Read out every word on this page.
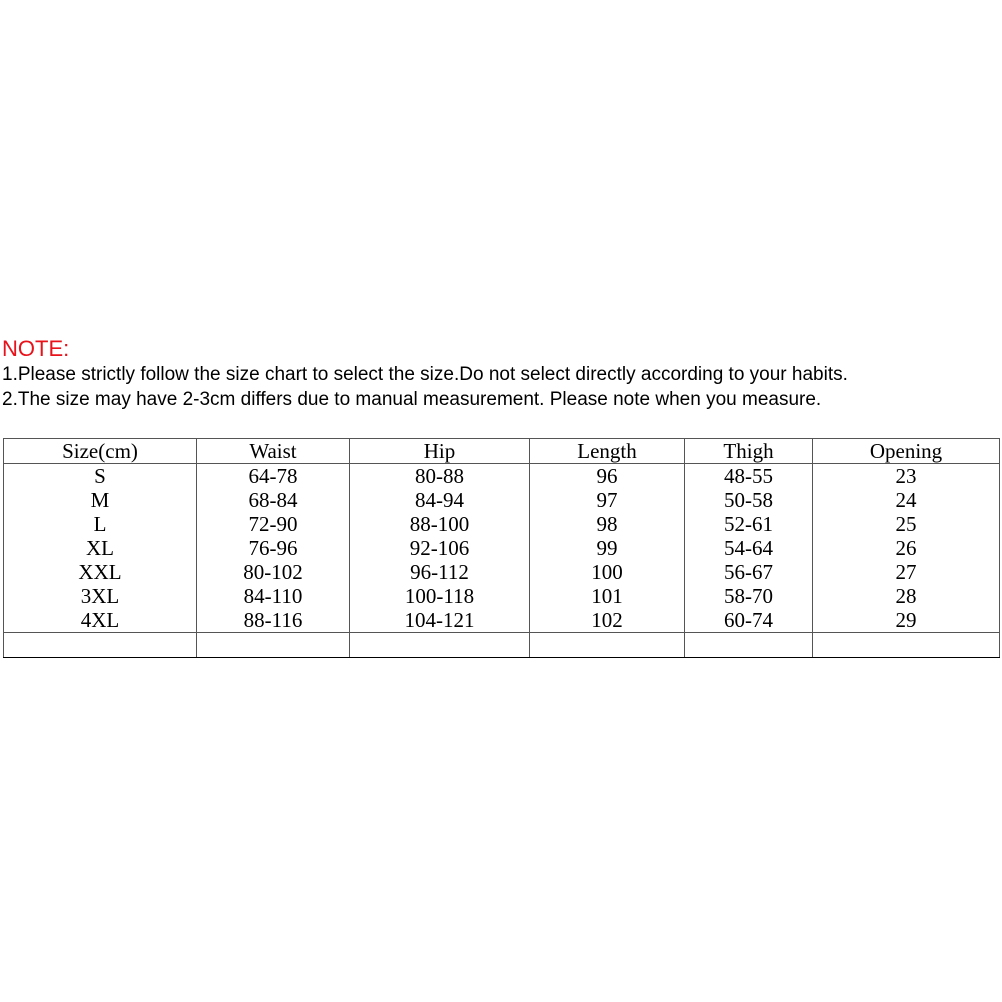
NOTE:

1.Please strictly follow the size chart to select the size.Do not select directly according to your habits.

2.The size may have 2-3cm differs due to manual measurement. Please note when you measure.

Size(cm)	Waist	Hip	Length	Thigh	Opening
S	64-78	80-88	96	48-55	23
M	68-84	84-94	97	50-58	24
L	72-90	88-100	98	52-61	25
XL	76-96	92-106	99	54-64	26
XXL	80-102	96-112	100	56-67	27
3XL	84-110	100-118	101	58-70	28
4XL	88-116	104-121	102	60-74	29
